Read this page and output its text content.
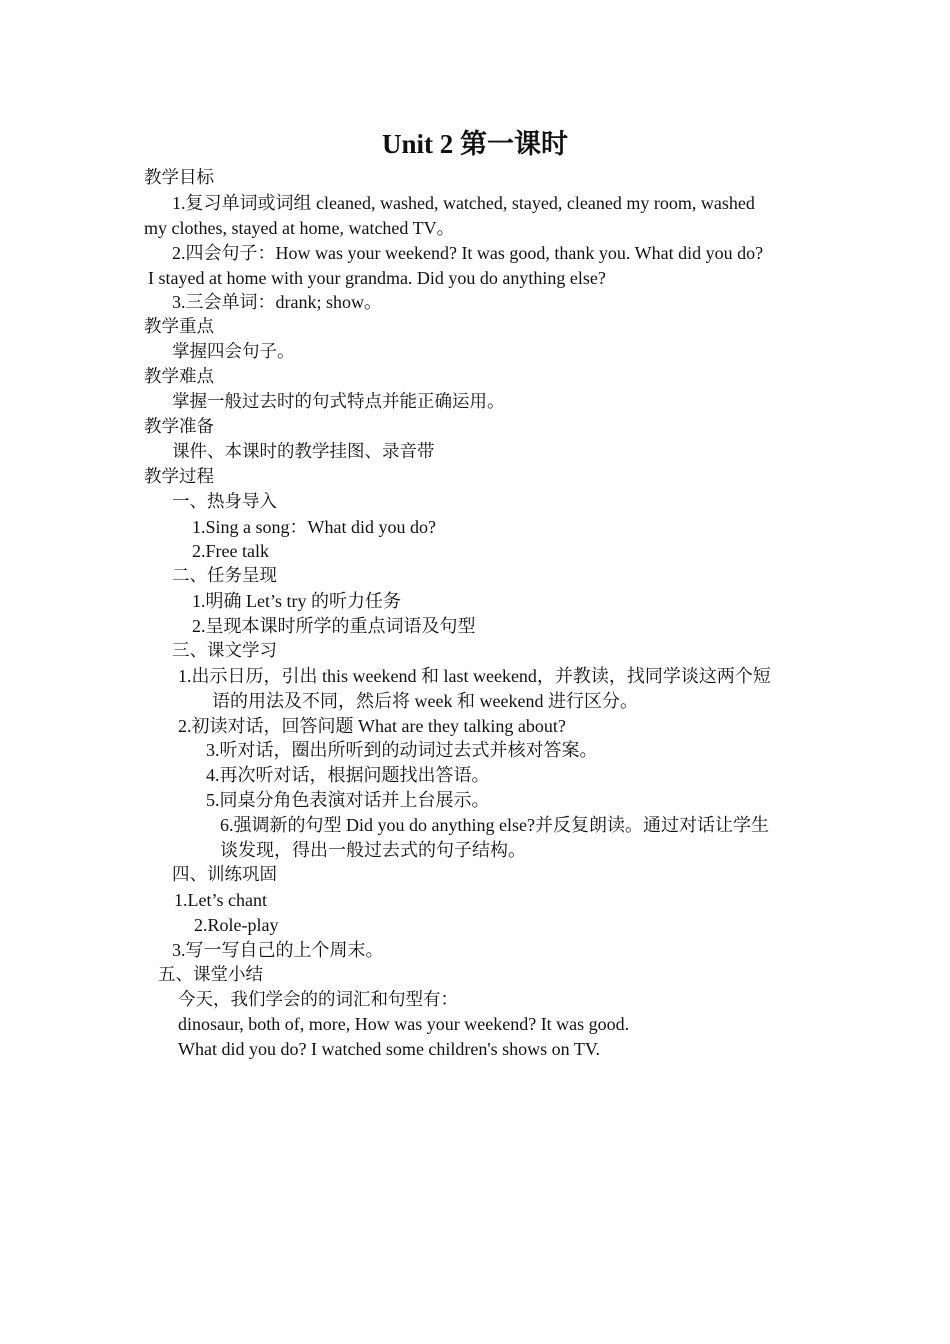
Unit 2 第一课时
教学目标
1.复习单词或词组 cleaned, washed, watched, stayed, cleaned my room, washed
my clothes, stayed at home, watched TV。
2.四会句子：How was your weekend? It was good, thank you. What did you do?
I stayed at home with your grandma. Did you do anything else?
3.三会单词：drank; show。
教学重点
掌握四会句子。
教学难点
掌握一般过去时的句式特点并能正确运用。
教学准备
课件、本课时的教学挂图、录音带
教学过程
一、热身导入
1.Sing a song：What did you do?
2.Free talk
二、任务呈现
1.明确 Let’s try 的听力任务
2.呈现本课时所学的重点词语及句型
三、课文学习
1.出示日历，引出 this weekend 和 last weekend，并教读，找同学谈这两个短
语的用法及不同，然后将 week 和 weekend 进行区分。
2.初读对话，回答问题 What are they talking about?
3.听对话，圈出所听到的动词过去式并核对答案。
4.再次听对话，根据问题找出答语。
5.同桌分角色表演对话并上台展示。
6.强调新的句型 Did you do anything else?并反复朗读。通过对话让学生
谈发现，得出一般过去式的句子结构。
四、训练巩固
1.Let’s chant
2.Role-play
3.写一写自己的上个周末。
五、课堂小结
今天，我们学会的的词汇和句型有：
dinosaur, both of, more, How was your weekend? It was good.
What did you do? I watched some children's shows on TV.
